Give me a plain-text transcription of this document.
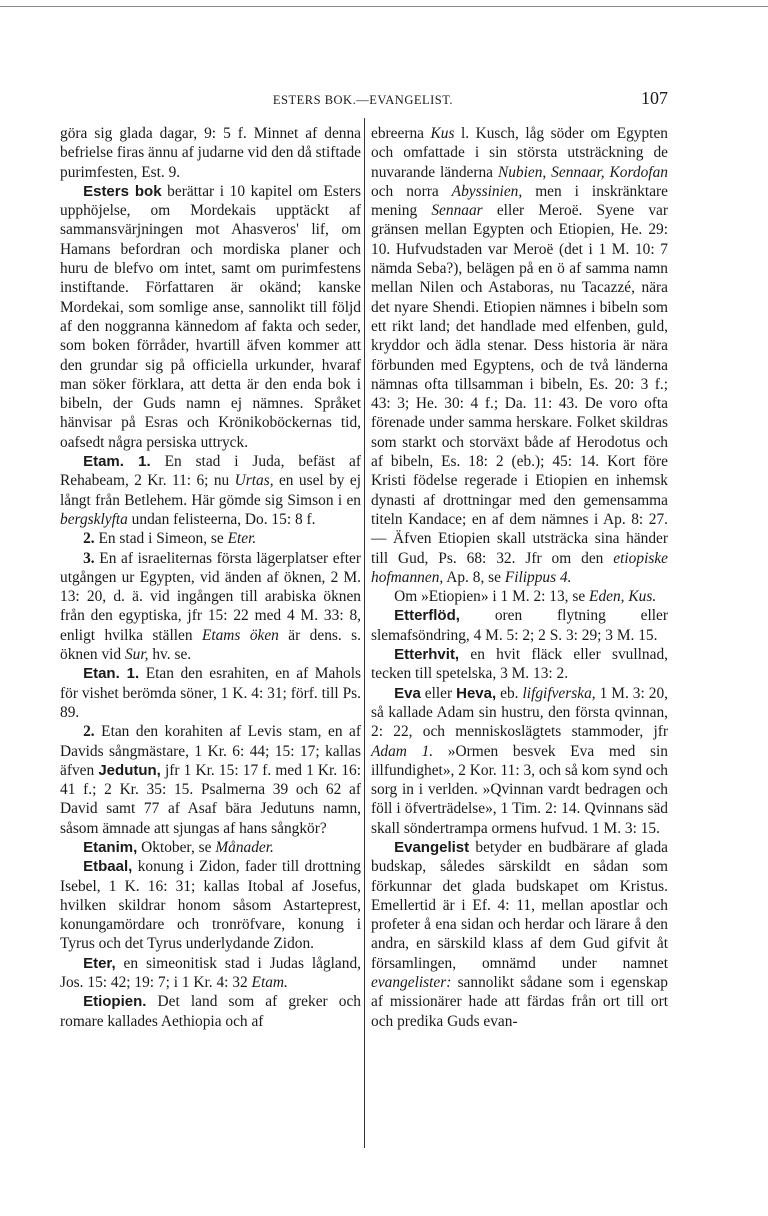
ESTERS BOK.—EVANGELIST.	107

göra sig glada dagar, 9: 5 f. Minnet af denna befrielse firas ännu af judarne vid den då stiftade purimfesten, Est. 9.

Esters bok berättar i 10 kapitel om Esters upphöjelse, om Mordekais upptäckt af sammansvärjningen mot Ahasveros' lif, om Hamans befordran och mordiska planer och huru de blefvo om intet, samt om purimfestens instiftande. Författaren är okänd; kanske Mordekai, som somlige anse, sannolikt till följd af den noggranna kännedom af fakta och seder, som boken förråder, hvartill äfven kommer att den grundar sig på officiella urkunder, hvaraf man söker förklara, att detta är den enda bok i bibeln, der Guds namn ej nämnes. Språket hänvisar på Esras och Krönikoböckernas tid, oafsedt några persiska uttryck.

Etam. 1. En stad i Juda, befäst af Rehabeam, 2 Kr. 11: 6; nu Urtas, en usel by ej långt från Betlehem. Här gömde sig Simson i en bergsklyfta undan felisteerna, Do. 15: 8 f.

2. En stad i Simeon, se Eter.

3. En af israeliternas första lägerplatser efter utgången ur Egypten, vid änden af öknen, 2 M. 13: 20, d. ä. vid ingången till arabiska öknen från den egyptiska, jfr 15: 22 med 4 M. 33: 8, enligt hvilka ställen Etams öken är dens. s. öknen vid Sur, hv. se.

Etan. 1. Etan den esrahiten, en af Mahols för vishet berömda söner, 1 K. 4: 31; förf. till Ps. 89.

2. Etan den korahiten af Levis stam, en af Davids sångmästare, 1 Kr. 6: 44; 15: 17; kallas äfven Jedutun, jfr 1 Kr. 15: 17 f. med 1 Kr. 16: 41 f.; 2 Kr. 35: 15. Psalmerna 39 och 62 af David samt 77 af Asaf bära Jedutuns namn, såsom ämnade att sjungas af hans sångkör?

Etanim, Oktober, se Månader.

Etbaal, konung i Zidon, fader till drottning Isebel, 1 K. 16: 31; kallas Itobal af Josefus, hvilken skildrar honom såsom Astarteprest, konungamördare och tronröfvare, konung i Tyrus och det Tyrus underlydande Zidon.

Eter, en simeonitisk stad i Judas lågland, Jos. 15: 42; 19: 7; i 1 Kr. 4: 32 Etam.

Etiopien. Det land som af greker och romare kallades Aethiopia och af

ebreerna Kus l. Kusch, låg söder om Egypten och omfattade i sin största utsträckning de nuvarande länderna Nubien, Sennaar, Kordofan och norra Abyssinien, men i inskränktare mening Sennaar eller Meroë. Syene var gränsen mellan Egypten och Etiopien, He. 29: 10. Hufvudstaden var Meroë (det i 1 M. 10: 7 nämda Seba?), belägen på en ö af samma namn mellan Nilen och Astaboras, nu Tacazzé, nära det nyare Shendi. Etiopien nämnes i bibeln som ett rikt land; det handlade med elfenben, guld, kryddor och ädla stenar. Dess historia är nära förbunden med Egyptens, och de två länderna nämnas ofta tillsamman i bibeln, Es. 20: 3 f.; 43: 3; He. 30: 4 f.; Da. 11: 43. De voro ofta förenade under samma herskare. Folket skildras som starkt och storväxt både af Herodotus och af bibeln, Es. 18: 2 (eb.); 45: 14. Kort före Kristi födelse regerade i Etiopien en inhemsk dynasti af drottningar med den gemensamma titeln Kandace; en af dem nämnes i Ap. 8: 27. — Äfven Etiopien skall utsträcka sina händer till Gud, Ps. 68: 32. Jfr om den etiopiske hofmannen, Ap. 8, se Filippus 4.

Om »Etiopien» i 1 M. 2: 13, se Eden, Kus.

Etterflöd, oren flytning eller slemafsöndring, 4 M. 5: 2; 2 S. 3: 29; 3 M. 15.

Etterhvit, en hvit fläck eller svullnad, tecken till spetelska, 3 M. 13: 2.

Eva eller Heva, eb. lifgifverska, 1 M. 3: 20, så kallade Adam sin hustru, den första qvinnan, 2: 22, och menniskoslägtets stammoder, jfr Adam 1. »Ormen besvek Eva med sin illfundighet», 2 Kor. 11: 3, och så kom synd och sorg in i verlden. »Qvinnan vardt bedragen och föll i öfverträdelse», 1 Tim. 2: 14. Qvinnans säd skall söndertrampa ormens hufvud. 1 M. 3: 15.

Evangelist betyder en budbärare af glada budskap, således särskildt en sådan som förkunnar det glada budskapet om Kristus. Emellertid är i Ef. 4: 11, mellan apostlar och profeter å ena sidan och herdar och lärare å den andra, en särskild klass af dem Gud gifvit åt församlingen, omnämd under namnet evangelister: sannolikt sådane som i egenskap af missionärer hade att färdas från ort till ort och predika Guds evan-
